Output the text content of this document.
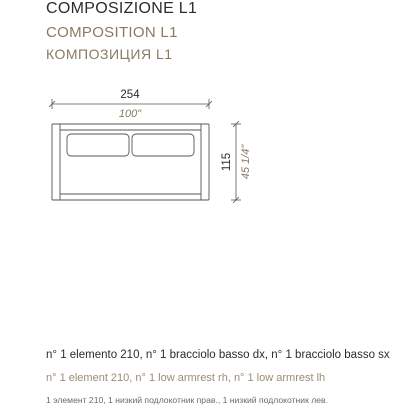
COMPOSIZIONE L1
COMPOSITION L1
КОМПОЗИЦИЯ L1
254
100"
115 45 1/4"
n° 1 elemento 210, n° 1 bracciolo basso dx, n° 1 bracciolo basso sx
n° 1 element 210, n° 1 low armrest rh, n° 1 low armrest lh
1 элемент 210, 1 низкий подлокотник прав., 1 низкий подлокотник лев.
